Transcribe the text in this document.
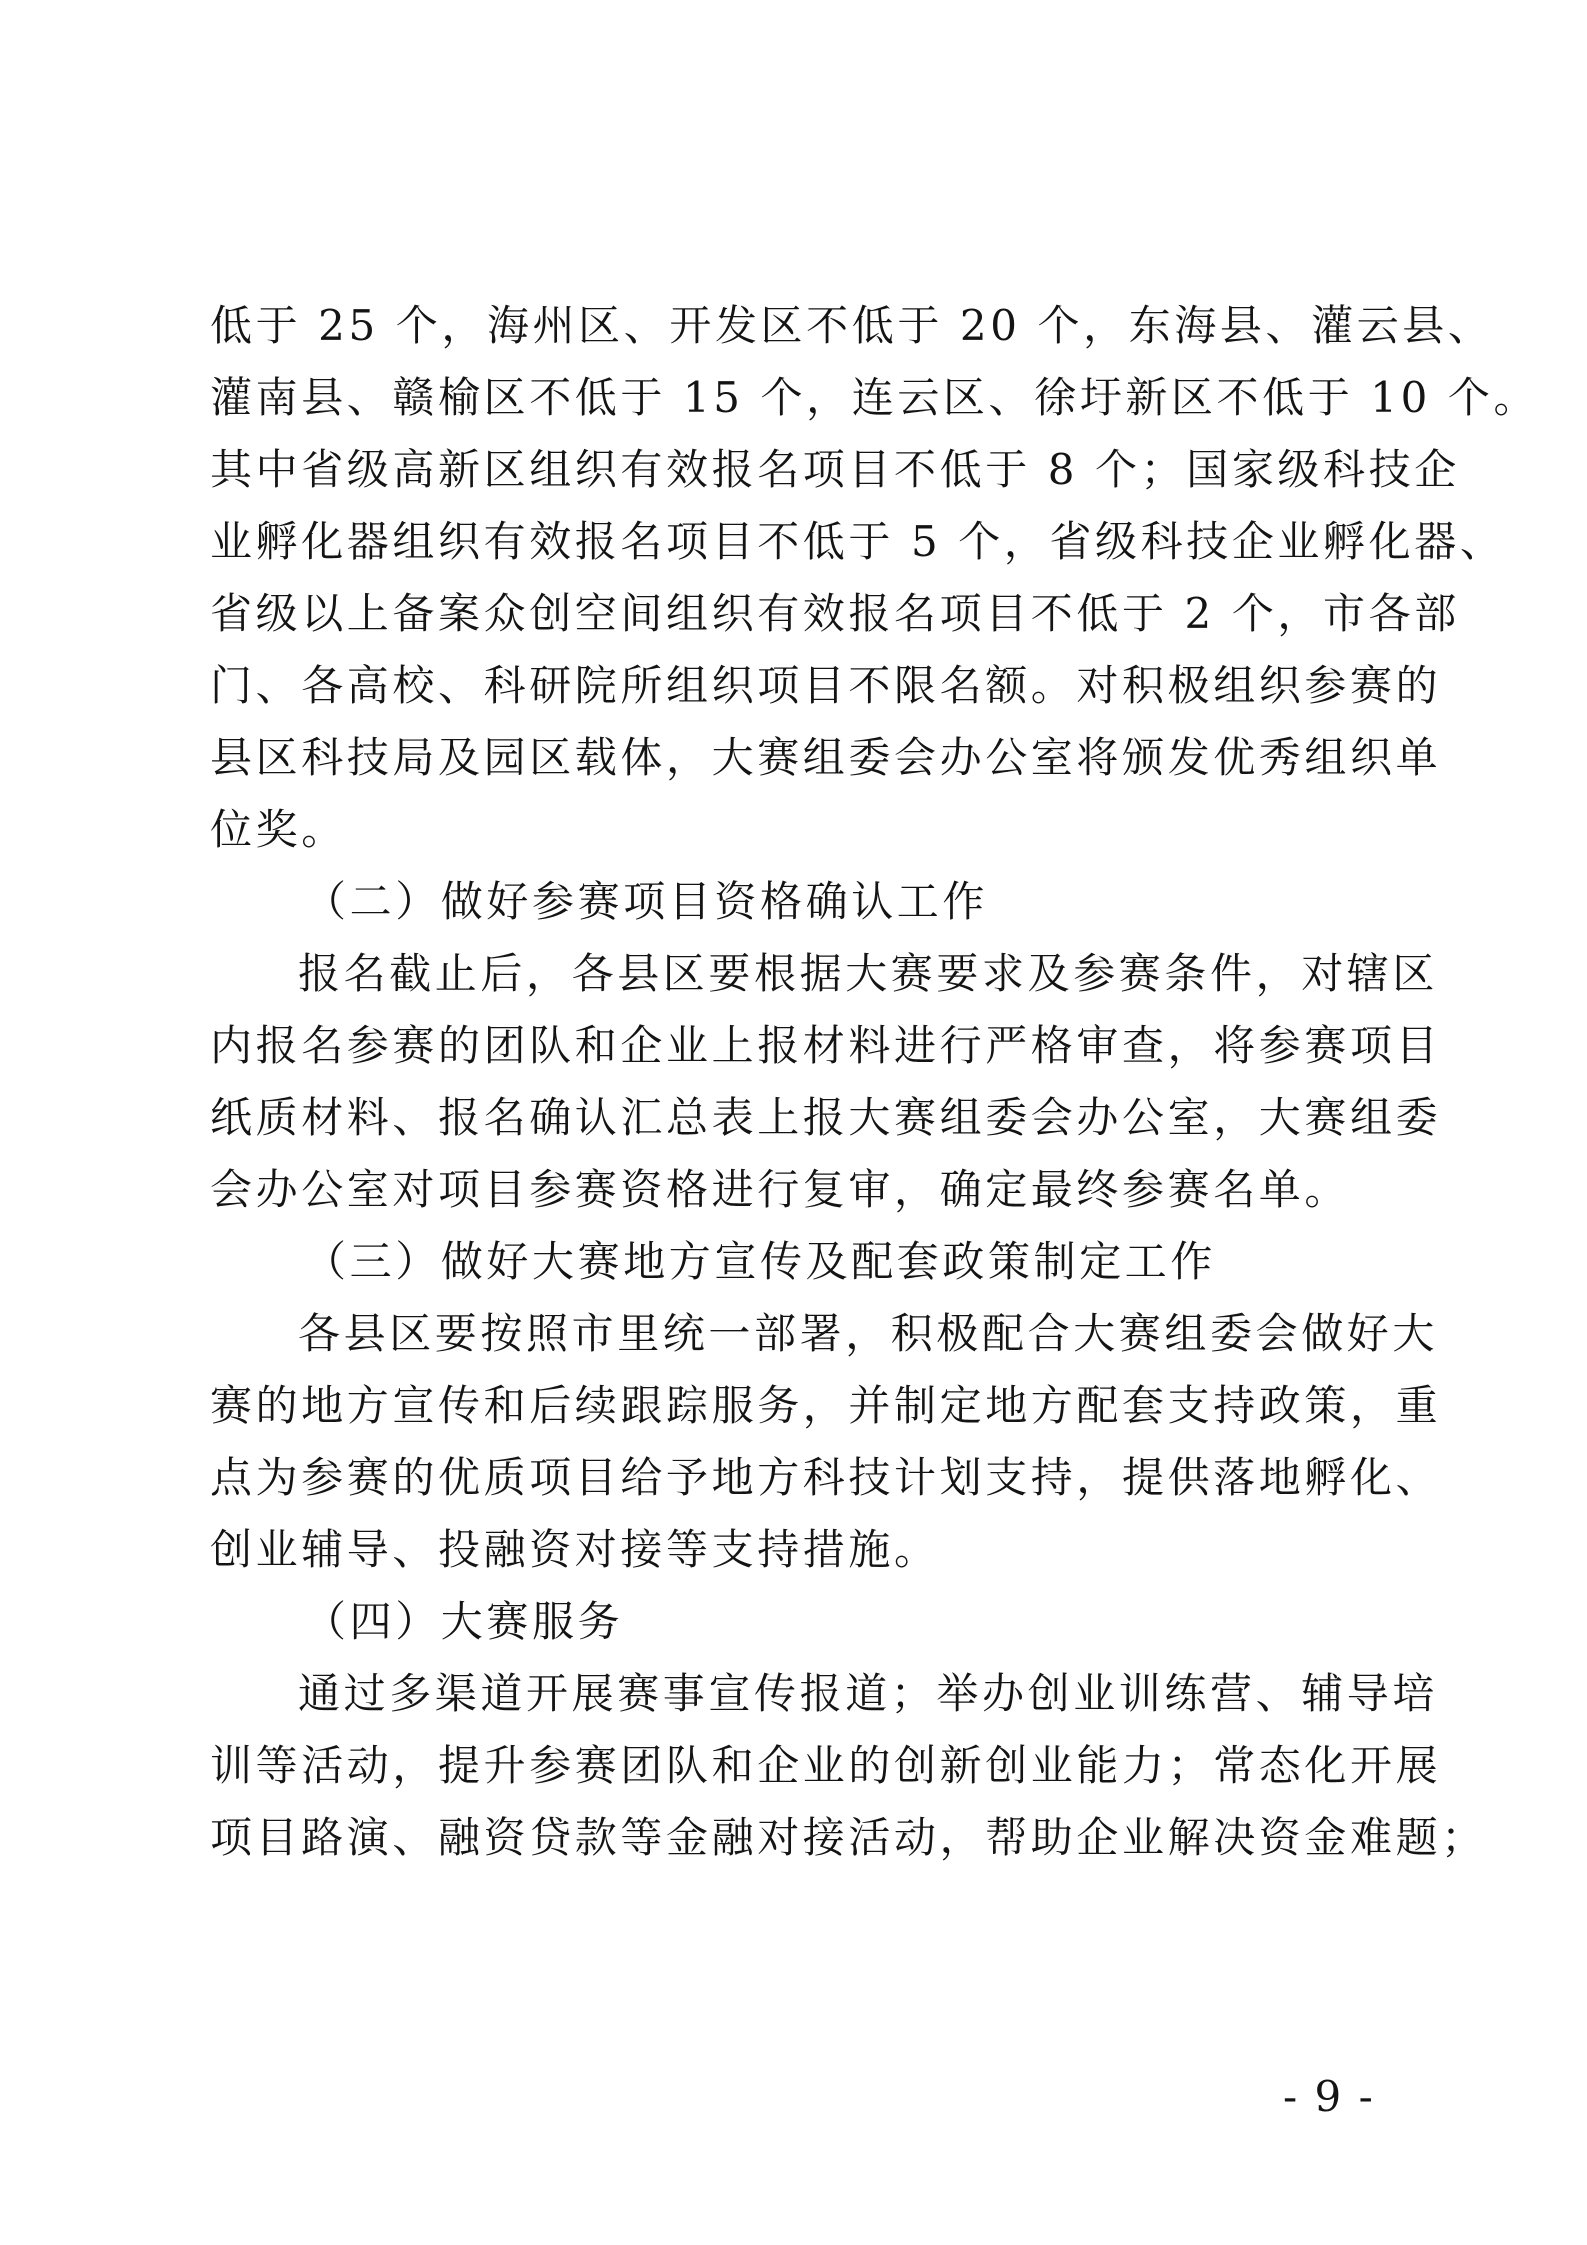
低于 25 个，海州区、开发区不低于 20 个，东海县、灌云县、
灌南县、赣榆区不低于 15 个，连云区、徐圩新区不低于 10 个。
其中省级高新区组织有效报名项目不低于 8 个；国家级科技企
业孵化器组织有效报名项目不低于 5 个，省级科技企业孵化器、
省级以上备案众创空间组织有效报名项目不低于 2 个，市各部
门、各高校、科研院所组织项目不限名额。对积极组织参赛的
县区科技局及园区载体，大赛组委会办公室将颁发优秀组织单
位奖。
（二）做好参赛项目资格确认工作
报名截止后，各县区要根据大赛要求及参赛条件，对辖区
内报名参赛的团队和企业上报材料进行严格审查，将参赛项目
纸质材料、报名确认汇总表上报大赛组委会办公室，大赛组委
会办公室对项目参赛资格进行复审，确定最终参赛名单。
（三）做好大赛地方宣传及配套政策制定工作
各县区要按照市里统一部署，积极配合大赛组委会做好大
赛的地方宣传和后续跟踪服务，并制定地方配套支持政策，重
点为参赛的优质项目给予地方科技计划支持，提供落地孵化、
创业辅导、投融资对接等支持措施。
（四）大赛服务
通过多渠道开展赛事宣传报道；举办创业训练营、辅导培
训等活动，提升参赛团队和企业的创新创业能力；常态化开展
项目路演、融资贷款等金融对接活动，帮助企业解决资金难题；
- 9 -
